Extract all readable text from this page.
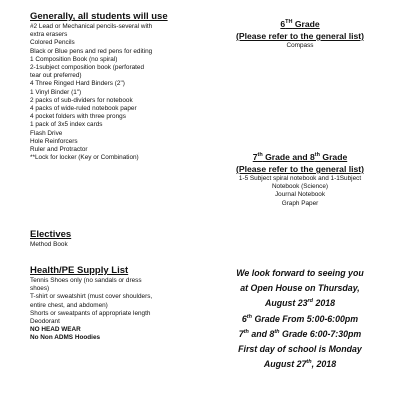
Generally, all students will use

#2 Lead or Mechanical pencils-several with

extra erasers

Colored Pencils

Black or Blue pens and red pens for editing

1 Composition Book (no spiral)

2-1subject composition book (perforated

tear out preferred)

4 Three Ringed Hard Binders (2")

1 Vinyl Binder (1")

2 packs of sub-dividers for notebook

4 packs of wide-ruled notebook paper

4 pocket folders with three prongs

1 pack of 3x5 index cards

Flash Drive

Hole Reinforcers

Ruler and Protractor

**Lock for locker (Key or Combination)

Electives

Method Book

Health/PE Supply List

Tennis Shoes only (no sandals or dress

shoes)

T-shirt or sweatshirt (must cover shoulders,

entire chest, and abdomen)

Shorts or sweatpants of appropriate length

Deodorant

NO HEAD WEAR

No Non ADMS Hoodies

6TH Grade

(Please refer to the general list)

Compass

7th Grade and 8th Grade

(Please refer to the general list)

1-5 Subject spiral notebook and 1-1Subject

Notebook (Science)

Journal Notebook

Graph Paper

We look forward to seeing you

at Open House on Thursday,

August 23rd 2018

6th Grade From 5:00-6:00pm

7th and 8th Grade 6:00-7:30pm

First day of school is Monday

August 27th, 2018
